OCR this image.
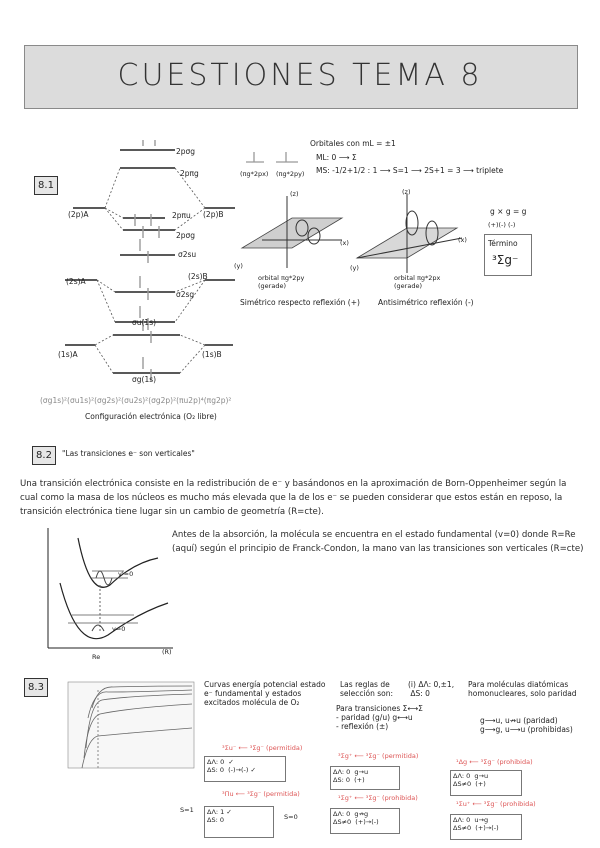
CUESTIONES TEMA 8
8.1
2pσg
2pπg
2pπu
2pσg
σ2su
σ2sg
σu(1s)
σg(1s)
(2p)A	(2p)B
(2s)A
(2s)B
(1s)A	(1s)B
(σg1s)²(σu1s)²(σg2s)²(σu2s)²(σg2p)²(πu2p)⁴(πg2p)²
Configuración electrónica (O₂ libre)
Orbitales con mL = ±1
(πg*2px) (πg*2py)
ML: 0 ⟶ Σ
MS: -1/2+1/2 : 1 ⟶ S=1 ⟶ 2S+1 = 3 ⟶ triplete
(z)
(x)
(y)
(z)
(x)
(y)
orbital πg*2py
(gerade)
orbital πg*2px
(gerade)
Simétrico respecto reflexión (+) Antisimétrico reflexión (-)
g × g = g
(+)(-) (-)
Término
³Σg⁻
8.2	"Las transiciones e⁻ son verticales"
Una transición electrónica consiste en la redistribución de e⁻ y basándonos en la aproximación de Born-Oppenheimer según la cual como la masa de los núcleos es mucho más elevada que la de los e⁻ se pueden considerar que estos están en reposo, la transición electrónica tiene lugar sin un cambio de geometría (R=cte).
v=0
v'=0
Re
(R)
Antes de la absorción, la molécula se encuentra en el estado fundamental (v=0) donde R=Re (aquí) según el principio de Franck-Condon, la mano van las transiciones son verticales (R=cte)
8.3	Curvas energía potencial estado e⁻ fundamental y estados excitados molécula de O₂
Las reglas de selección son:
(i) ΔΛ: 0,±1,
ΔS: 0
Para transiciones Σ⟷Σ
- paridad (g/u) g⟷u
- reflexión (±)
Para moléculas diatómicas homonucleares, solo paridad
g⟶u, u↛u (paridad)
g⟶g, u⟶u (prohibidas)
³Σu⁻ ⟵ ³Σg⁻ (permitida)
ΔΛ: 0  ✓
ΔS: 0  (-)→(-) ✓
³Πu ⟵ ³Σg⁻ (permitida)
ΔΛ: 1 ✓
ΔS: 0
S=1
S=0
³Σg⁺ ⟵ ³Σg⁻ (permitida)
ΔΛ: 0  g→u
ΔS: 0  (+)
¹Σg⁺ ⟵ ³Σg⁻ (prohibida)
ΔΛ: 0  g↛g
ΔS≠0  (+)→(-)
¹Δg ⟵ ³Σg⁻ (prohibida)
ΔΛ: 0  g→u
ΔS≠0  (+)
¹Σu⁺ ⟵ ³Σg⁻ (prohibida)
ΔΛ: 0  u→g
ΔS≠0  (+)→(-)
